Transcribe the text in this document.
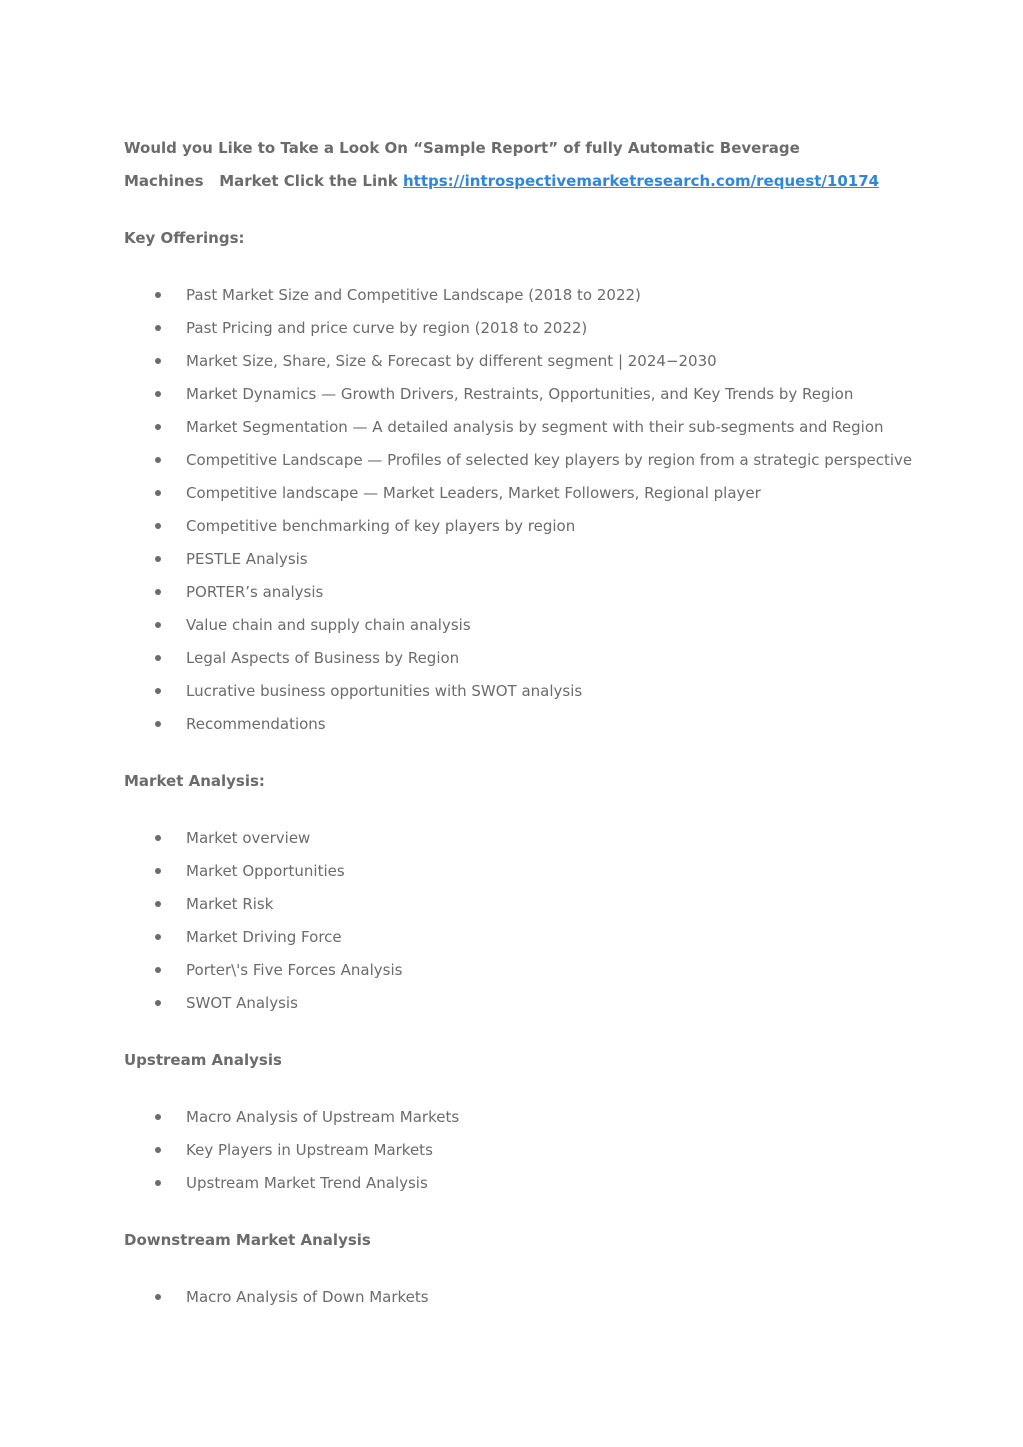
Would you Like to Take a Look On “Sample Report” of fully Automatic Beverage
Machines   Market Click the Link https://introspectivemarketresearch.com/request/10174
Key Offerings:
Past Market Size and Competitive Landscape (2018 to 2022)
Past Pricing and price curve by region (2018 to 2022)
Market Size, Share, Size & Forecast by different segment | 2024−2030
Market Dynamics — Growth Drivers, Restraints, Opportunities, and Key Trends by Region
Market Segmentation — A detailed analysis by segment with their sub-segments and Region
Competitive Landscape — Profiles of selected key players by region from a strategic perspective
Competitive landscape — Market Leaders, Market Followers, Regional player
Competitive benchmarking of key players by region
PESTLE Analysis
PORTER’s analysis
Value chain and supply chain analysis
Legal Aspects of Business by Region
Lucrative business opportunities with SWOT analysis
Recommendations
Market Analysis:
Market overview
Market Opportunities
Market Risk
Market Driving Force
Porter\'s Five Forces Analysis
SWOT Analysis
Upstream Analysis
Macro Analysis of Upstream Markets
Key Players in Upstream Markets
Upstream Market Trend Analysis
Downstream Market Analysis
Macro Analysis of Down Markets
